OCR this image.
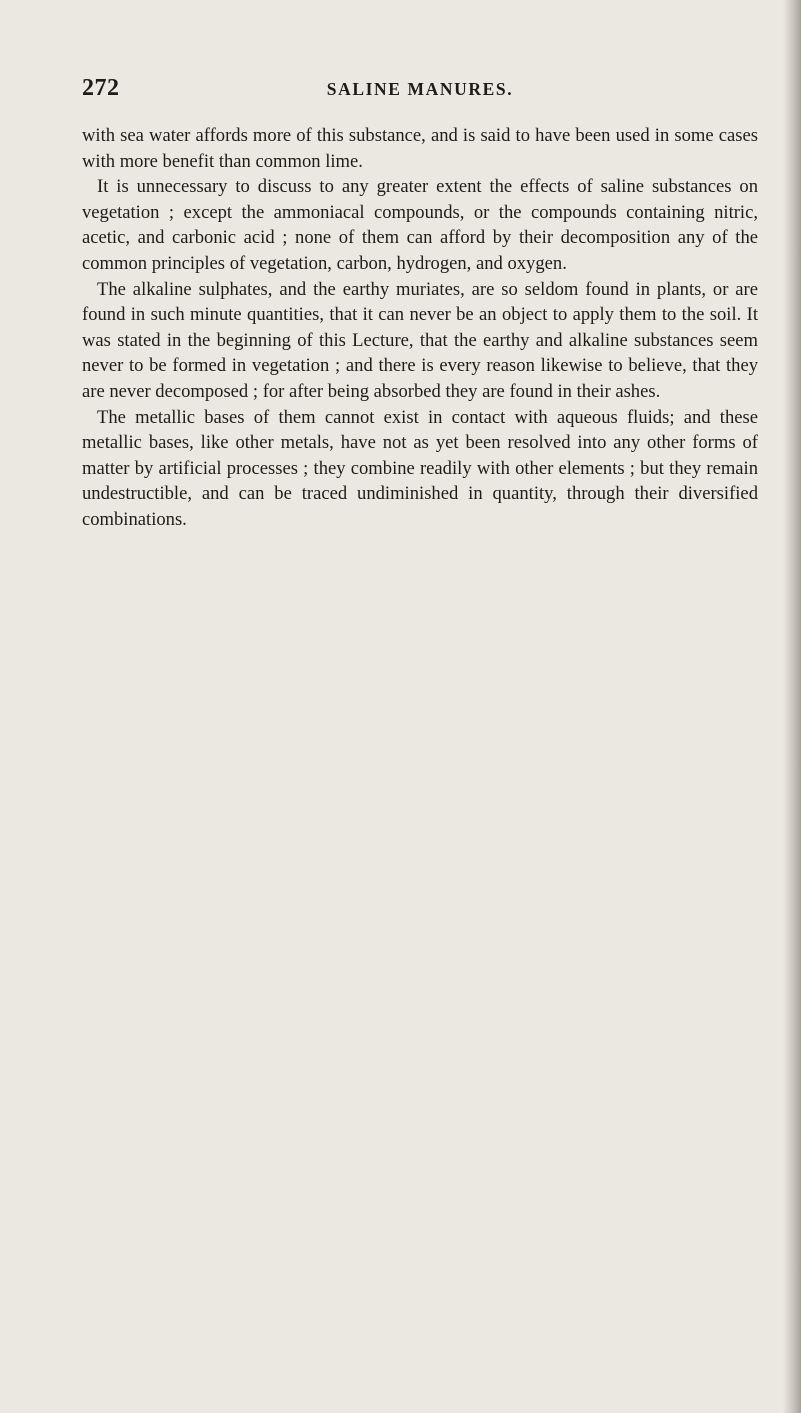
272	SALINE MANURES.

with sea water affords more of this substance, and is said to have been used in some cases with more benefit than common lime.

It is unnecessary to discuss to any greater extent the effects of saline substances on vegetation ; except the ammoniacal compounds, or the compounds containing nitric, acetic, and carbonic acid ; none of them can afford by their decomposition any of the common principles of vegetation, carbon, hydrogen, and oxygen.

The alkaline sulphates, and the earthy muriates, are so seldom found in plants, or are found in such minute quantities, that it can never be an object to apply them to the soil. It was stated in the beginning of this Lecture, that the earthy and alkaline substances seem never to be formed in vegetation ; and there is every reason likewise to believe, that they are never decomposed ; for after being absorbed they are found in their ashes.

The metallic bases of them cannot exist in contact with aqueous fluids; and these metallic bases, like other metals, have not as yet been resolved into any other forms of matter by artificial processes ; they combine readily with other elements ; but they remain undestructible, and can be traced undiminished in quantity, through their diversified combinations.
